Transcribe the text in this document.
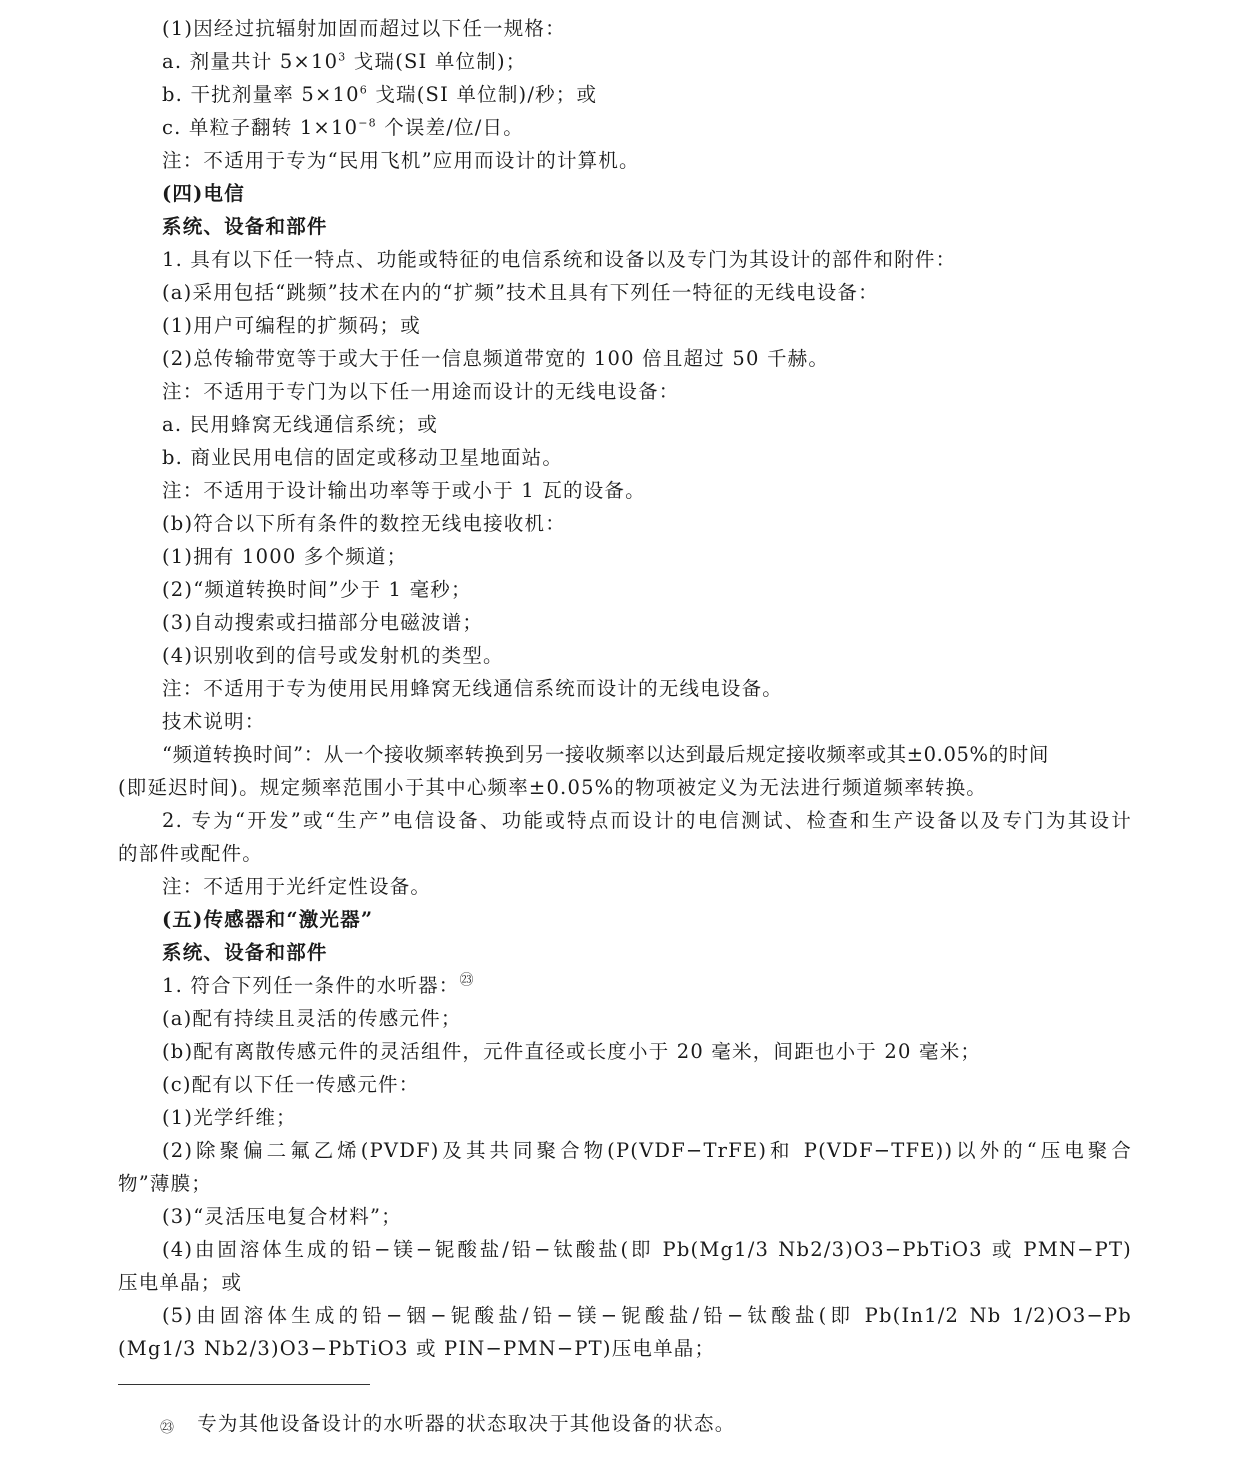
(1)因经过抗辐射加固而超过以下任一规格：
a. 剂量共计 $5\times 10^3$ 戈瑞(SI 单位制)；
b. 干扰剂量率 $5\times 10^6$ 戈瑞(SI 单位制)/秒；或
c. 单粒子翻转 $1\times 10^{-8}$ 个误差/位/日。
注：不适用于专为“民用飞机”应用而设计的计算机。
(四)电信
系统、设备和部件
1. 具有以下任一特点、功能或特征的电信系统和设备以及专门为其设计的部件和附件：
(a)采用包括“跳频”技术在内的“扩频”技术且具有下列任一特征的无线电设备：
(1)用户可编程的扩频码；或
(2)总传输带宽等于或大于任一信息频道带宽的 100 倍且超过 50 千赫。
注：不适用于专门为以下任一用途而设计的无线电设备：
a. 民用蜂窝无线通信系统；或
b. 商业民用电信的固定或移动卫星地面站。
注：不适用于设计输出功率等于或小于 1 瓦的设备。
(b)符合以下所有条件的数控无线电接收机：
(1)拥有 1000 多个频道；
(2)“频道转换时间”少于 1 毫秒；
(3)自动搜索或扫描部分电磁波谱；
(4)识别收到的信号或发射机的类型。
注：不适用于专为使用民用蜂窝无线通信系统而设计的无线电设备。
技术说明：
“频道转换时间”：从一个接收频率转换到另一接收频率以达到最后规定接收频率或其±0.05%的时间
(即延迟时间)。规定频率范围小于其中心频率±0.05%的物项被定义为无法进行频道频率转换。
2. 专为“开发”或“生产”电信设备、功能或特点而设计的电信测试、检查和生产设备以及专门为其设计
的部件或配件。
注：不适用于光纤定性设备。
(五)传感器和“激光器”
系统、设备和部件
1. 符合下列任一条件的水听器：$^㉓$
(a)配有持续且灵活的传感元件；
(b)配有离散传感元件的灵活组件，元件直径或长度小于 20 毫米，间距也小于 20 毫米；
(c)配有以下任一传感元件：
(1)光学纤维；
(2)除聚偏二氟乙烯(PVDF)及其共同聚合物(P(VDF−TrFE)和 P(VDF−TFE))以外的“压电聚合
物”薄膜；
(3)“灵活压电复合材料”；
(4)由固溶体生成的铅−镁−铌酸盐/铅−钛酸盐(即 Pb(Mg1/3 Nb2/3)O3−PbTiO3 或 PMN−PT)
压电单晶；或
(5)由固溶体生成的铅−铟−铌酸盐/铅−镁−铌酸盐/铅−钛酸盐(即 Pb(In1/2 Nb 1/2)O3−Pb
(Mg1/3 Nb2/3)O3−PbTiO3 或 PIN−PMN−PT)压电单晶；
㉓ 专为其他设备设计的水听器的状态取决于其他设备的状态。
